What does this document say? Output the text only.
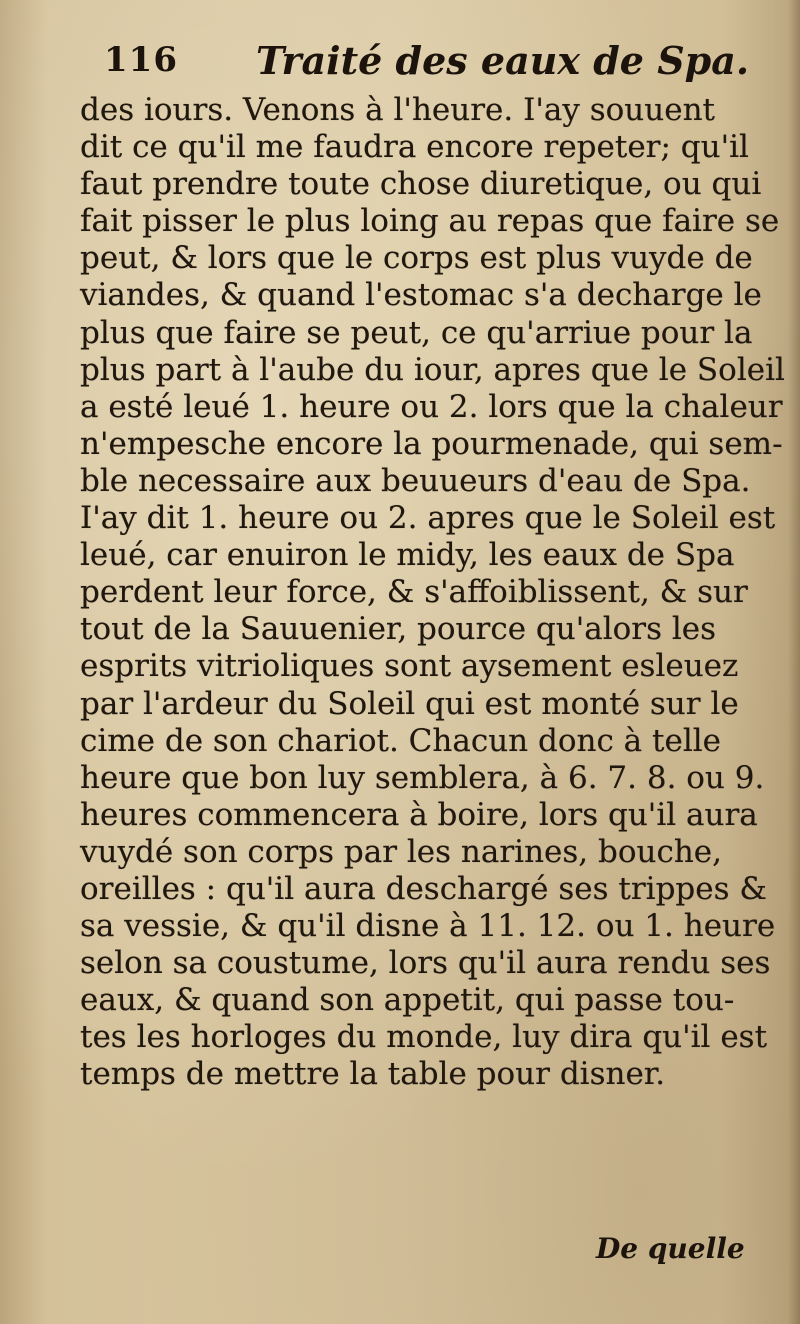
116 Traité des eaux de Spa.
des iours. Venons à l'heure. I'ay souuent
dit ce qu'il me faudra encore repeter; qu'il
faut prendre toute chose diuretique, ou qui
fait pisser le plus loing au repas que faire se
peut, & lors que le corps est plus vuyde de
viandes, & quand l'estomac s'a decharge le
plus que faire se peut, ce qu'arriue pour la
plus part à l'aube du iour, apres que le Soleil
a esté leué 1. heure ou 2. lors que la chaleur
n'empesche encore la pourmenade, qui sem-
ble necessaire aux beuueurs d'eau de Spa.
I'ay dit 1. heure ou 2. apres que le Soleil est
leué, car enuiron le midy, les eaux de Spa
perdent leur force, & s'affoiblissent, & sur
tout de la Sauuenier, pource qu'alors les
esprits vitrioliques sont aysement esleuez
par l'ardeur du Soleil qui est monté sur le
cime de son chariot. Chacun donc à telle
heure que bon luy semblera, à 6. 7. 8. ou 9.
heures commencera à boire, lors qu'il aura
vuydé son corps par les narines, bouche,
oreilles : qu'il aura deschargé ses trippes &
sa vessie, & qu'il disne à 11. 12. ou 1. heure
selon sa coustume, lors qu'il aura rendu ses
eaux, & quand son appetit, qui passe tou-
tes les horloges du monde, luy dira qu'il est
temps de mettre la table pour disner.
De quelle
